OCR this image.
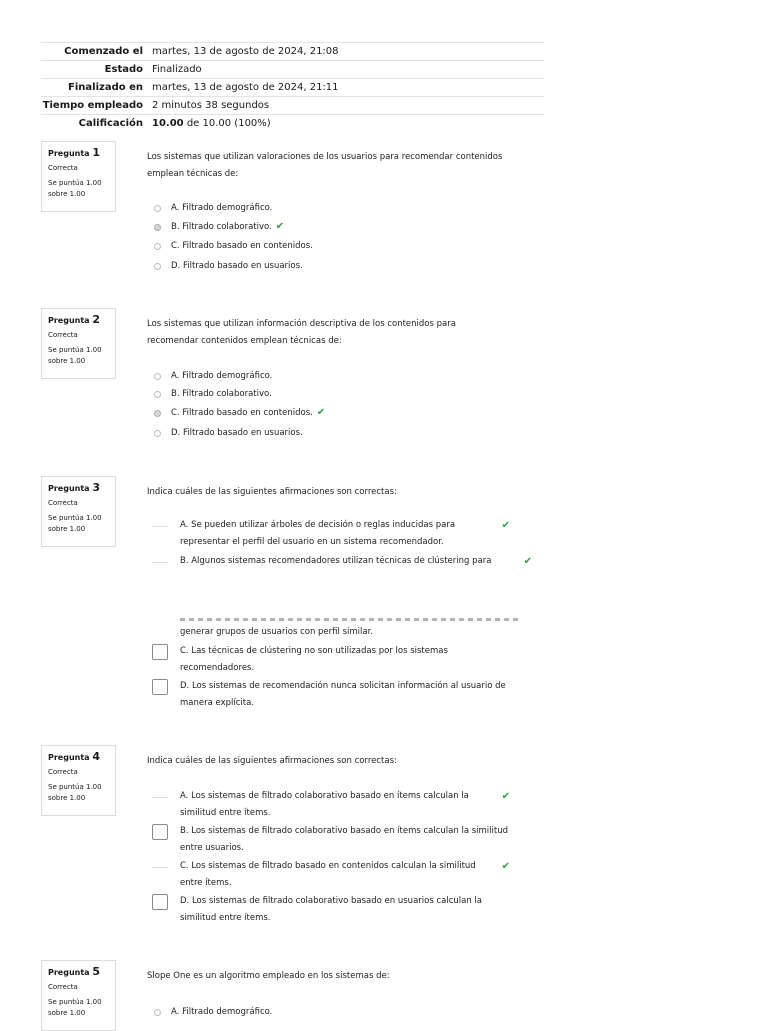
Comenzado el martes, 13 de agosto de 2024, 21:08
Estado Finalizado
Finalizado en martes, 13 de agosto de 2024, 21:11
Tiempo empleado 2 minutos 38 segundos
Calificación 10.00 de 10.00 (100%)
Pregunta 1
Correcta
Se puntúa 1.00 sobre 1.00
Los sistemas que utilizan valoraciones de los usuarios para recomendar contenidos emplean técnicas de:
A. Filtrado demográfico.
B. Filtrado colaborativo. ✔
C. Filtrado basado en contenidos.
D. Filtrado basado en usuarios.
Pregunta 2
Correcta
Se puntúa 1.00 sobre 1.00
Los sistemas que utilizan información descriptiva de los contenidos para recomendar contenidos emplean técnicas de:
A. Filtrado demográfico.
B. Filtrado colaborativo.
C. Filtrado basado en contenidos. ✔
D. Filtrado basado en usuarios.
Pregunta 3
Correcta
Se puntúa 1.00 sobre 1.00
Indica cuáles de las siguientes afirmaciones son correctas:
A. Se pueden utilizar árboles de decisión o reglas inducidas para representar el perfil del usuario en un sistema recomendador.
✔
B. Algunos sistemas recomendadores utilizan técnicas de clústering para	✔
generar grupos de usuarios con perfil similar.
C. Las técnicas de clústering no son utilizadas por los sistemas recomendadores.
D. Los sistemas de recomendación nunca solicitan información al usuario de manera explícita.
Pregunta 4
Correcta
Se puntúa 1.00 sobre 1.00
Indica cuáles de las siguientes afirmaciones son correctas:
A. Los sistemas de filtrado colaborativo basado en ítems calculan la similitud entre ítems.
✔
B. Los sistemas de filtrado colaborativo basado en ítems calculan la similitud entre usuarios.
C. Los sistemas de filtrado basado en contenidos calculan la similitud entre ítems.
✔
D. Los sistemas de filtrado colaborativo basado en usuarios calculan la similitud entre ítems.
Pregunta 5
Correcta
Se puntúa 1.00 sobre 1.00
Slope One es un algoritmo empleado en los sistemas de:
A. Filtrado demográfico.
